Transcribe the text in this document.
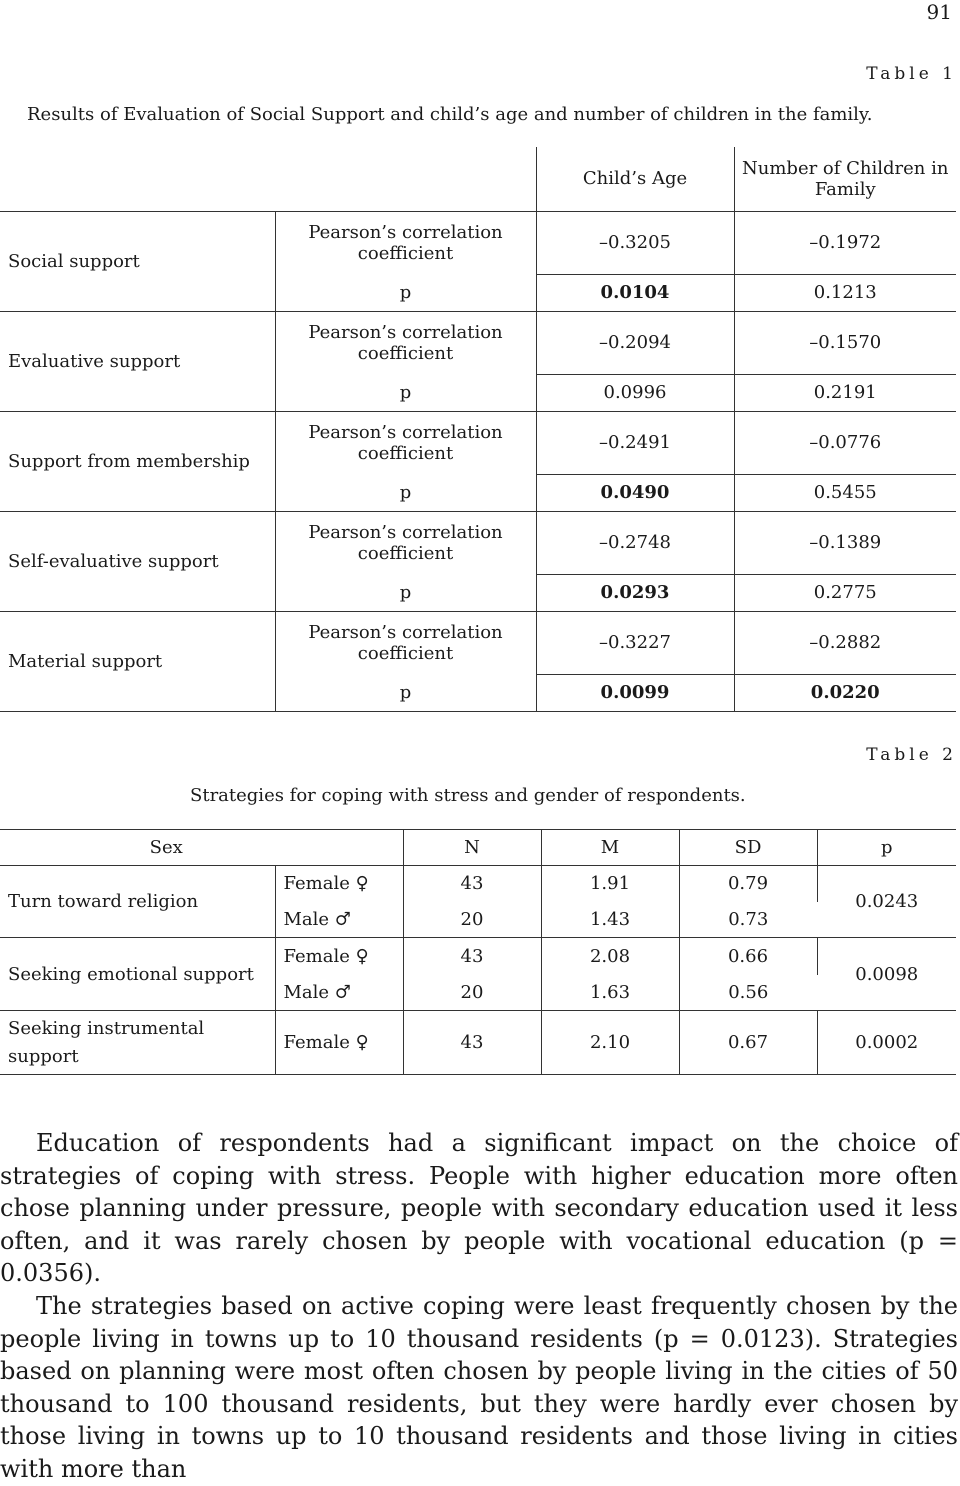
91
Table 1
Results of Evaluation of Social Support and child’s age and number of children in the family.
		Child’s Age	Number of Children in Family
Social support	Pearson’s correlation coefficient	–0.3205	–0.1972
	p	0.0104	0.1213
Evaluative support	Pearson’s correlation coefficient	–0.2094	–0.1570
	p	0.0996	0.2191
Support from membership	Pearson’s correlation coefficient	–0.2491	–0.0776
	p	0.0490	0.5455
Self-evaluative support	Pearson’s correlation coefficient	–0.2748	–0.1389
	p	0.0293	0.2775
Material support	Pearson’s correlation coefficient	–0.3227	–0.2882
	p	0.0099	0.0220
Table 2
Strategies for coping with stress and gender of respondents.
Sex		N	M	SD	p
Turn toward religion	Female ♀	43	1.91	0.79	0.0243
	Male ♂	20	1.43	0.73	
Seeking emotional support	Female ♀	43	2.08	0.66	0.0098
	Male ♂	20	1.63	0.56	
Seeking instrumental support	Female ♀	43	2.10	0.67	0.0002

Education of respondents had a significant impact on the choice of strategies of coping with stress. People with higher education more often chose planning under pressure, people with secondary education used it less often, and it was rarely chosen by people with vocational education (p = 0.0356).

The strategies based on active coping were least frequently chosen by the people living in towns up to 10 thousand residents (p = 0.0123). Strategies based on planning were most often chosen by people living in the cities of 50 thousand to 100 thousand residents, but they were hardly ever chosen by those living in towns up to 10 thousand residents and those living in cities with more than
